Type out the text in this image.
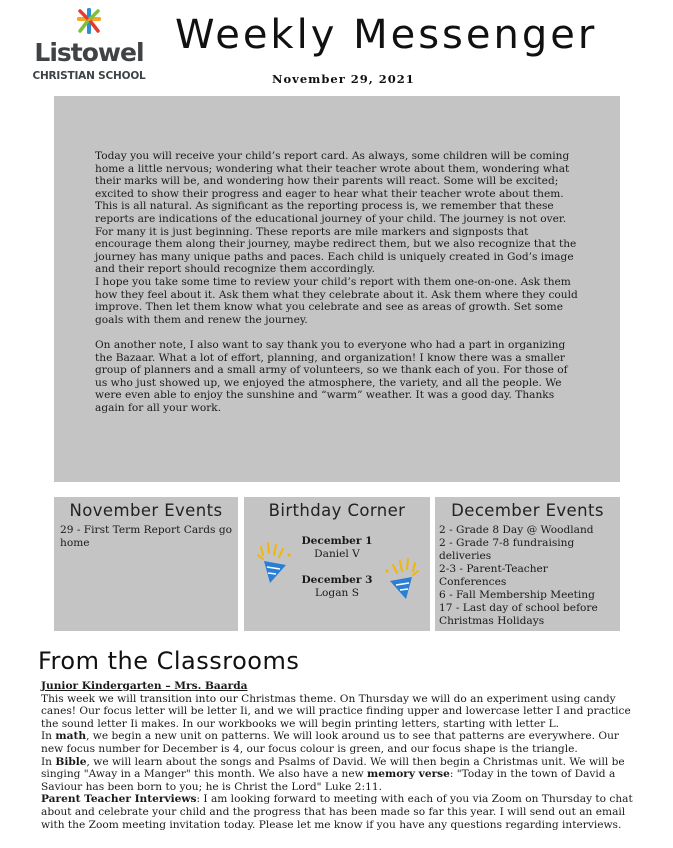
Listowel
CHRISTIAN SCHOOL
Weekly Messenger
November 29, 2021

Today you will receive your child’s report card. As always, some children will be coming home a little nervous; wondering what their teacher wrote about them, wondering what their marks will be, and wondering how their parents will react. Some will be excited; excited to show their progress and eager to hear what their teacher wrote about them. This is all natural. As significant as the reporting process is, we remember that these reports are indications of the educational journey of your child. The journey is not over. For many it is just beginning. These reports are mile markers and signposts that encourage them along their journey, maybe redirect them, but we also recognize that the journey has many unique paths and paces. Each child is uniquely created in God’s image and their report should recognize them accordingly.

I hope you take some time to review your child’s report with them one-on-one. Ask them how they feel about it. Ask them what they celebrate about it. Ask them where they could improve. Then let them know what you celebrate and see as areas of growth. Set some goals with them and renew the journey.

On another note, I also want to say thank you to everyone who had a part in organizing the Bazaar. What a lot of effort, planning, and organization! I know there was a smaller group of planners and a small army of volunteers, so we thank each of you. For those of us who just showed up, we enjoyed the atmosphere, the variety, and all the people. We were even able to enjoy the sunshine and “warm” weather. It was a good day. Thanks again for all your work.

November Events
29 - First Term Report Cards go home
Birthday Corner
December 1
Daniel V
December 3
Logan S
December Events
2 - Grade 8 Day @ Woodland
2 - Grade 7-8 fundraising deliveries
2-3 - Parent-Teacher Conferences
6 - Fall Membership Meeting
17 - Last day of school before Christmas Holidays
From the Classrooms
Junior Kindergarten – Mrs. Baarda

This week we will transition into our Christmas theme. On Thursday we will do an experiment using candy canes! Our focus letter will be letter Ii, and we will practice finding upper and lowercase letter I and practice the sound letter Ii makes. In our workbooks we will begin printing letters, starting with letter L.

In math, we begin a new unit on patterns. We will look around us to see that patterns are everywhere. Our new focus number for December is 4, our focus colour is green, and our focus shape is the triangle.

In Bible, we will learn about the songs and Psalms of David. We will then begin a Christmas unit. We will be singing "Away in a Manger" this month. We also have a new memory verse: "Today in the town of David a Saviour has been born to you; he is Christ the Lord" Luke 2:11.

Parent Teacher Interviews: I am looking forward to meeting with each of you via Zoom on Thursday to chat about and celebrate your child and the progress that has been made so far this year. I will send out an email with the Zoom meeting invitation today. Please let me know if you have any questions regarding interviews.
